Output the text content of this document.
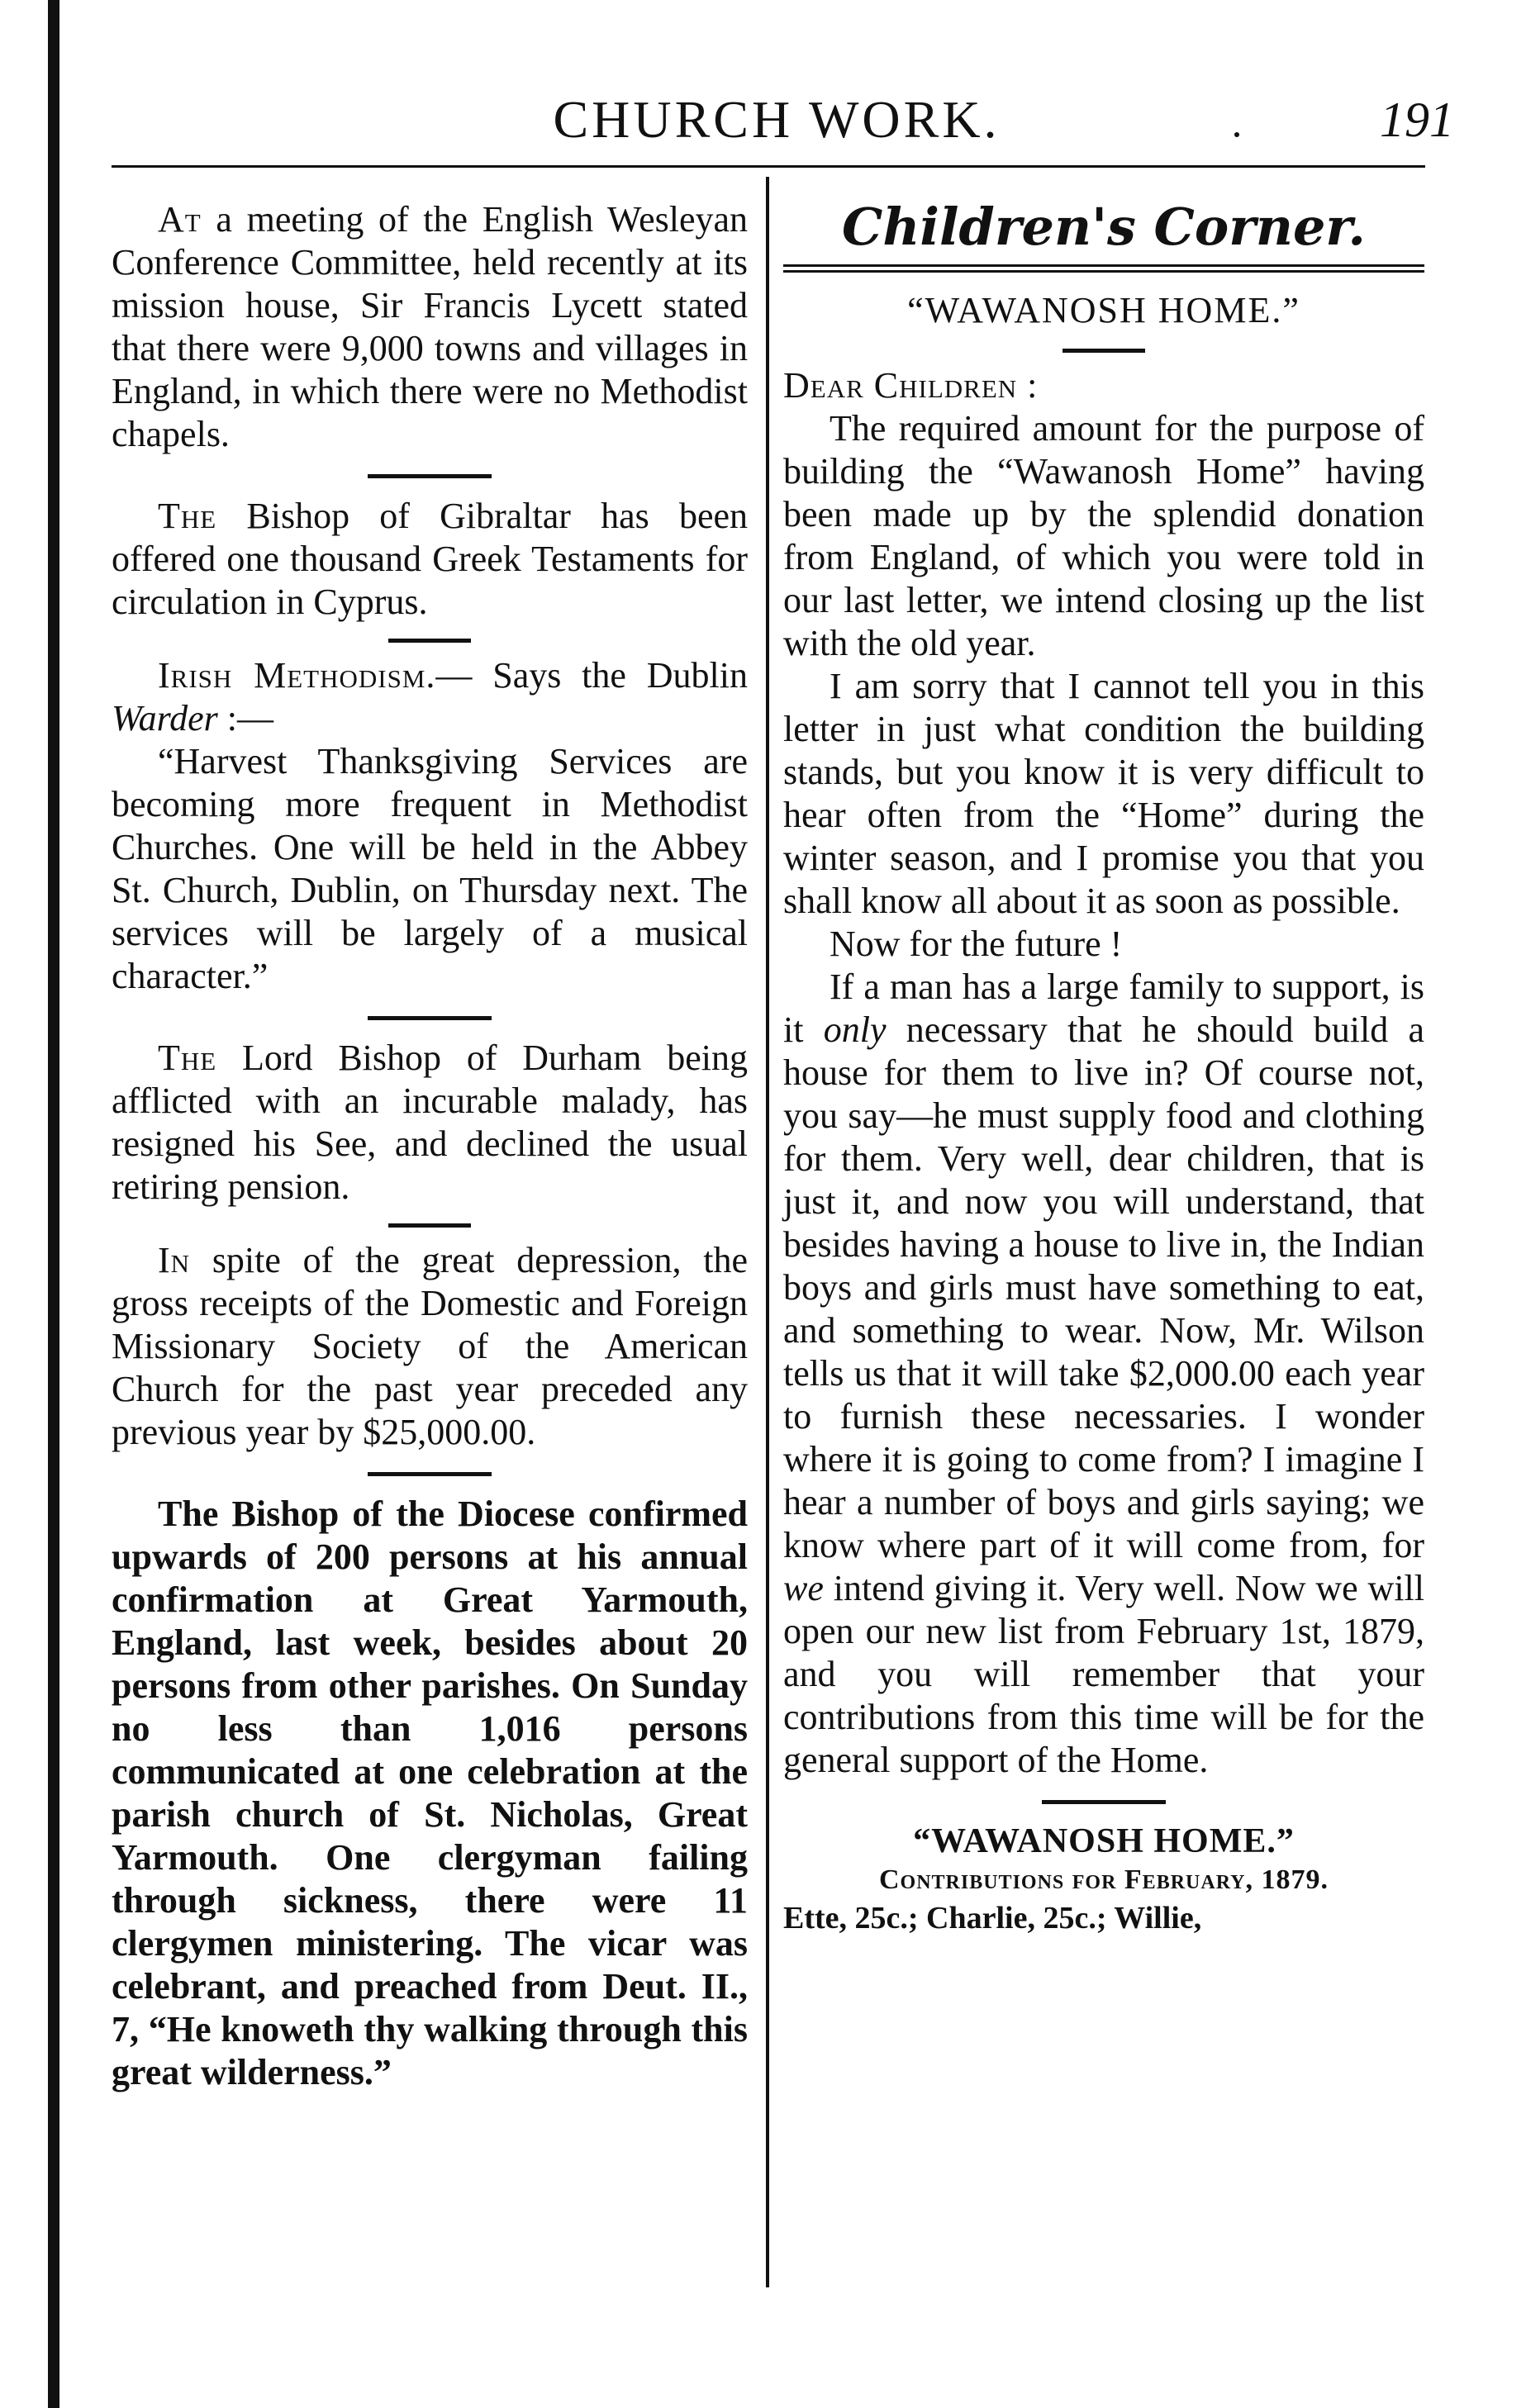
CHURCH WORK.	191

At a meeting of the English Wesleyan Conference Committee, held recently at its mission house, Sir Francis Lycett stated that there were 9,000 towns and villages in England, in which there were no Methodist chapels.

The Bishop of Gibraltar has been offered one thousand Greek Testaments for circulation in Cyprus.

Irish Methodism.— Says the Dublin Warder :—

“Harvest Thanksgiving Services are becoming more frequent in Methodist Churches. One will be held in the Abbey St. Church, Dublin, on Thursday next. The services will be largely of a musical character.”

The Lord Bishop of Durham being afflicted with an incurable malady, has resigned his See, and declined the usual retiring pension.

In spite of the great depression, the gross receipts of the Domestic and Foreign Missionary Society of the American Church for the past year preceded any previous year by $25,000.00.

The Bishop of the Diocese confirmed upwards of 200 persons at his annual confirmation at Great Yarmouth, England, last week, besides about 20 persons from other parishes. On Sunday no less than 1,016 persons communicated at one celebration at the parish church of St. Nicholas, Great Yarmouth. One clergyman failing through sickness, there were 11 clergymen ministering. The vicar was celebrant, and preached from Deut. II., 7, “He knoweth thy walking through this great wilderness.”

Children's Corner.
“WAWANOSH HOME.”

Dear Children :

The required amount for the purpose of building the “Wawanosh Home” having been made up by the splendid donation from England, of which you were told in our last letter, we intend closing up the list with the old year.

I am sorry that I cannot tell you in this letter in just what condition the building stands, but you know it is very difficult to hear often from the “Home” during the winter season, and I promise you that you shall know all about it as soon as possible.

Now for the future !

If a man has a large family to support, is it only necessary that he should build a house for them to live in? Of course not, you say—he must supply food and clothing for them. Very well, dear children, that is just it, and now you will understand, that besides having a house to live in, the Indian boys and girls must have something to eat, and something to wear. Now, Mr. Wilson tells us that it will take $2,000.00 each year to furnish these necessaries. I wonder where it is going to come from? I imagine I hear a number of boys and girls saying; we know where part of it will come from, for we intend giving it. Very well. Now we will open our new list from February 1st, 1879, and you will remember that your contributions from this time will be for the general support of the Home.

“WAWANOSH HOME.”

Contributions for February, 1879.

Ette, 25c.; Charlie, 25c.; Willie,
